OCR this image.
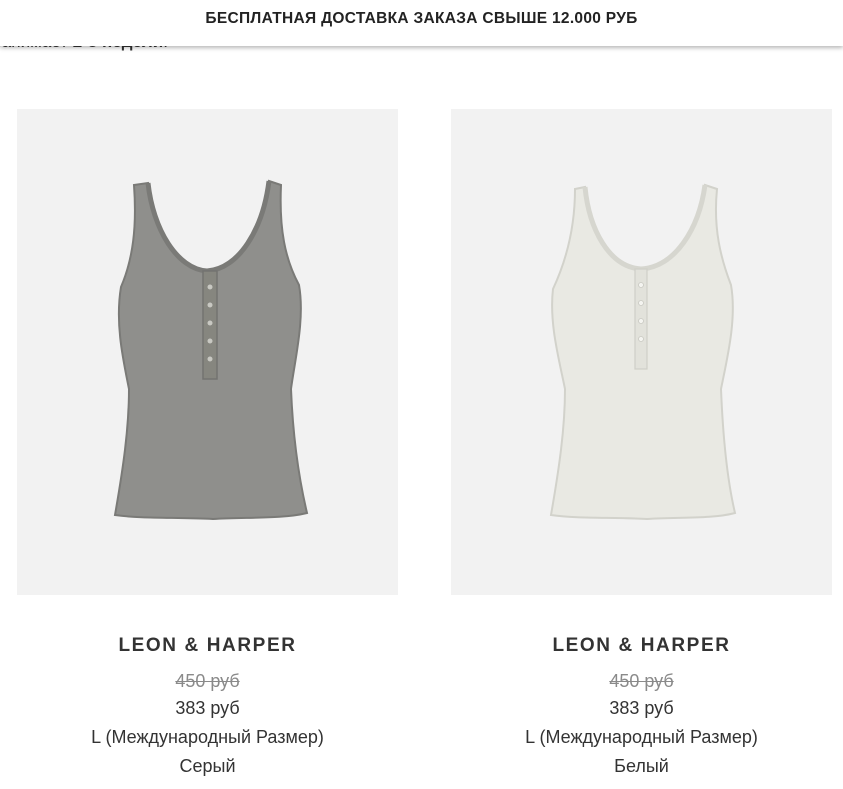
БЕСПЛАТНАЯ ДОСТАВКА ЗАКАЗА СВЫШЕ 12.000 РУБ
LEON & HARPER
450 руб
383 руб
L (Международный Размер)
Серый
LEON & HARPER
450 руб
383 руб
L (Международный Размер)
Белый
